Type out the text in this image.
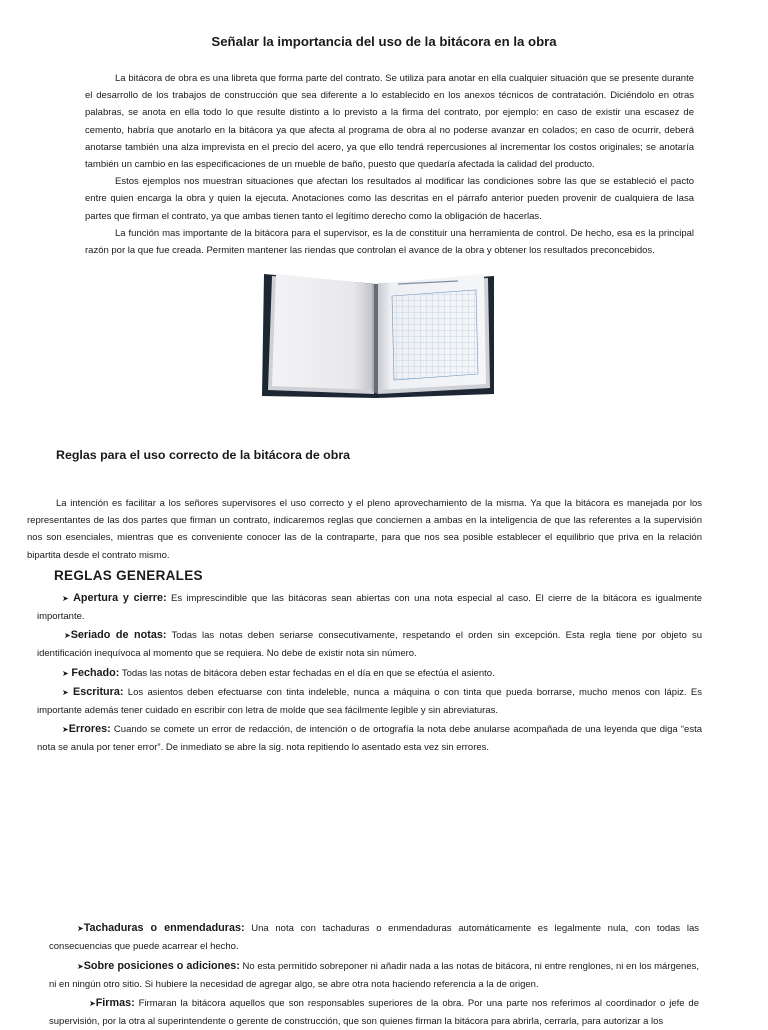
Señalar la importancia del uso de la bitácora en la obra

La bitácora de obra es una libreta que forma parte del contrato. Se utiliza para anotar en ella cualquier situación que se presente durante el desarrollo de los trabajos de construcción que sea diferente a lo establecido en los anexos técnicos de contratación. Diciéndolo en otras palabras, se anota en ella todo lo que resulte distinto a lo previsto a la firma del contrato, por ejemplo: en caso de existir una escasez de cemento, habría que anotarlo en la bitácora ya que afecta al programa de obra al no poderse avanzar en colados; en caso de ocurrir, deberá anotarse también una alza imprevista en el precio del acero, ya que ello tendrá repercusiones al incrementar los costos originales; se anotaría también un cambio en las especificaciones de un mueble de baño, puesto que quedaría afectada la calidad del producto.

Estos ejemplos nos muestran situaciones que afectan los resultados al modificar las condiciones sobre las que se estableció el pacto entre quien encarga la obra y quien la ejecuta. Anotaciones como las descritas en el párrafo anterior pueden provenir de cualquiera de lasa partes que firman el contrato, ya que ambas tienen tanto el legítimo derecho como la obligación de hacerlas.

La función mas importante de la bitácora para el supervisor, es la de constituir una herramienta de control. De hecho, esa es la principal razón por la que fue creada. Permiten mantener las riendas que controlan el avance de la obra y obtener los resultados preconcebidos.

Reglas para el uso correcto de la bitácora de obra

La intención es facilitar a los señores supervisores el uso correcto y el pleno aprovechamiento de la misma. Ya que la bitácora es manejada por los representantes de las dos partes que firman un contrato, indicaremos reglas que conciernen a ambas en la inteligencia de que las referentes a la supervisión nos son esenciales, mientras que es conveniente conocer las de la contraparte, para que nos sea posible establecer el equilibrio que priva en la relación bipartita desde el contrato mismo.

REGLAS GENERALES

➤ Apertura y cierre: Es imprescindible que las bitácoras sean abiertas con una nota especial al caso. El cierre de la bitácora es igualmente importante.

➤Seriado de notas: Todas las notas deben seriarse consecutivamente, respetando el orden sin excepción. Esta regla tiene por objeto su identificación inequívoca al momento que se requiera. No debe de existir nota sin número.

➤ Fechado: Todas las notas de bitácora deben estar fechadas en el día en que se efectúa el asiento.

➤ Escritura: Los asientos deben efectuarse con tinta indeleble, nunca a máquina o con tinta que pueda borrarse, mucho menos con lápiz. Es importante además tener cuidado en escribir con letra de molde que sea fácilmente legible y sin abreviaturas.

➤Errores: Cuando se comete un error de redacción, de intención o de ortografía la nota debe anularse acompañada de una leyenda que diga “esta nota se anula por tener error”. De inmediato se abre la sig. nota repitiendo lo asentado esta vez sin errores.

➤Tachaduras o enmendaduras: Una nota con tachaduras o enmendaduras automáticamente es legalmente nula, con todas las consecuencias que puede acarrear el hecho.

➤Sobre posiciones o adiciones: No esta permitido sobreponer ni añadir nada a las notas de bitácora, ni entre renglones, ni en los márgenes, ni en ningún otro sitio. Si hubiere la necesidad de agregar algo, se abre otra nota haciendo referencia a la de origen.

➤Firmas: Firmaran la bitácora aquellos que son responsables superiores de la obra. Por una parte nos referimos al coordinador o jefe de supervisión, por la otra al superintendente o gerente de construcción, que son quienes firman la bitácora para abrirla, cerrarla, para autorizar a los
